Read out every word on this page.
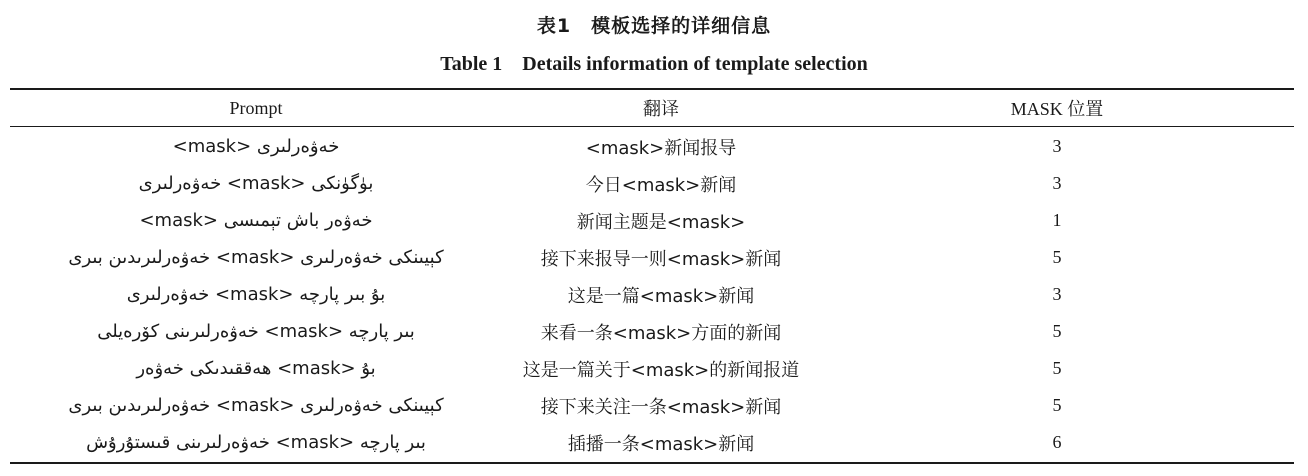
表1　模板选择的详细信息
Table 1    Details information of template selection
Prompt	翻译	MASK 位置
خەۋەرلىرى <mask>	<mask>新闻报导	3
بۈگۈنكى <mask> خەۋەرلىرى	今日<mask>新闻	3
خەۋەر باش تېمىسى <mask>	新闻主题是<mask>	1
كېيىنكى خەۋەرلىرى <mask> خەۋەرلىرىدىن بىرى	接下来报导一则<mask>新闻	5
بۇ بىر پارچە <mask> خەۋەرلىرى	这是一篇<mask>新闻	3
بىر پارچە <mask> خەۋەرلىرىنى كۆرەيلى	来看一条<mask>方面的新闻	5
بۇ <mask> ھەققىدىكى خەۋەر	这是一篇关于<mask>的新闻报道	5
كېيىنكى خەۋەرلىرى <mask> خەۋەرلىرىدىن بىرى	接下来关注一条<mask>新闻	5
بىر پارچە <mask> خەۋەرلىرىنى قىستۇرۇش	插播一条<mask>新闻	6
